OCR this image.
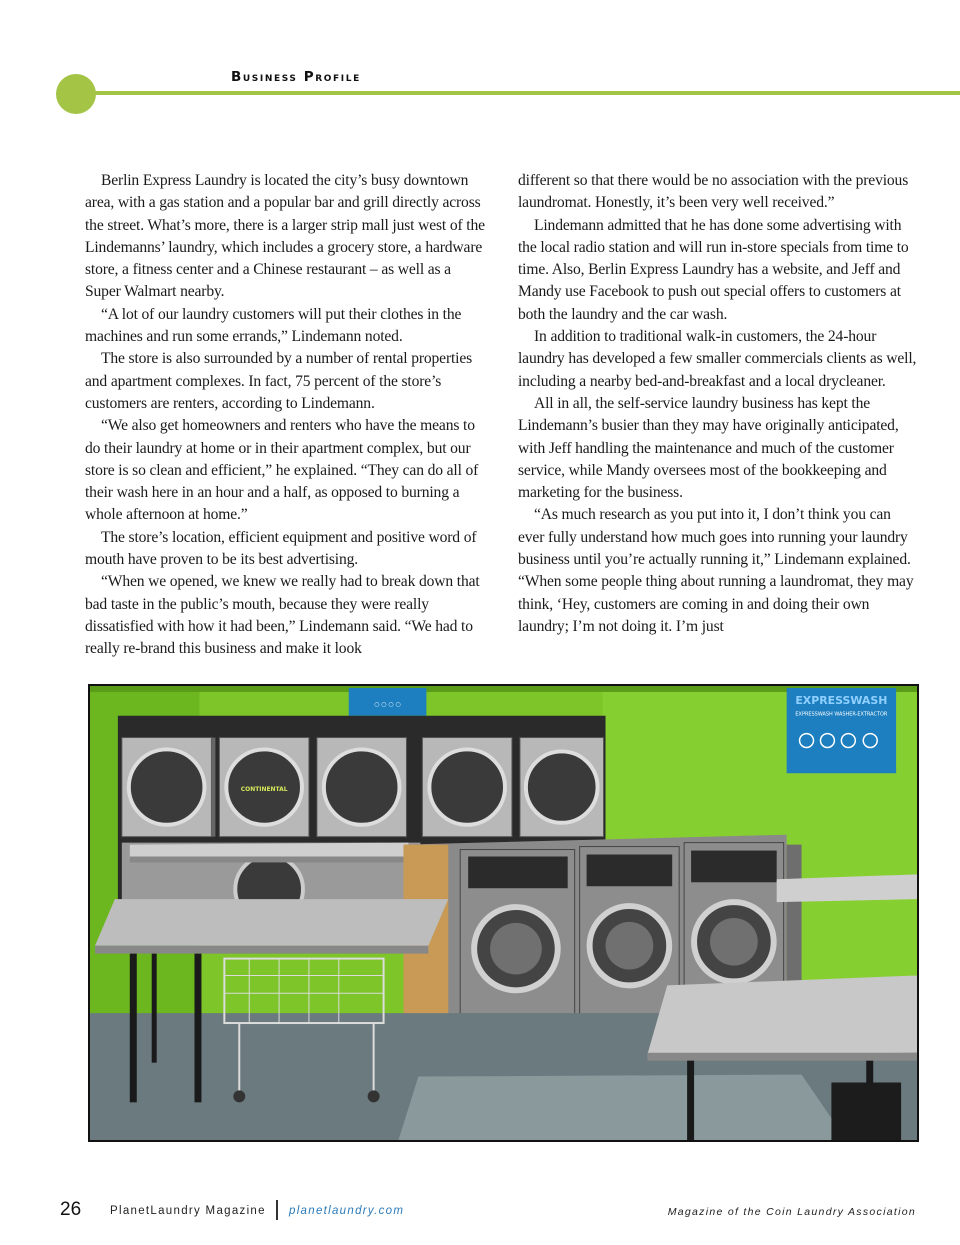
Business Profile

Berlin Express Laundry is located the city’s busy downtown area, with a gas station and a popular bar and grill directly across the street. What’s more, there is a larger strip mall just west of the Lindemanns’ laundry, which includes a grocery store, a hardware store, a fitness center and a Chinese restaurant – as well as a Super Walmart nearby.

“A lot of our laundry customers will put their clothes in the machines and run some errands,” Lindemann noted.

The store is also surrounded by a number of rental properties and apartment complexes. In fact, 75 percent of the store’s customers are renters, according to Lindemann.

“We also get homeowners and renters who have the means to do their laundry at home or in their apartment complex, but our store is so clean and efficient,” he explained. “They can do all of their wash here in an hour and a half, as opposed to burning a whole afternoon at home.”

The store’s location, efficient equipment and positive word of mouth have proven to be its best advertising.

“When we opened, we knew we really had to break down that bad taste in the public’s mouth, because they were really dissatisfied with how it had been,” Lindemann said. “We had to really re-brand this business and make it look

different so that there would be no association with the previous laundromat. Honestly, it’s been very well received.”

Lindemann admitted that he has done some advertising with the local radio station and will run in-store specials from time to time. Also, Berlin Express Laundry has a website, and Jeff and Mandy use Facebook to push out special offers to customers at both the laundry and the car wash.

In addition to traditional walk-in customers, the 24-hour laundry has developed a few smaller commercials clients as well, including a nearby bed-and-breakfast and a local drycleaner.

All in all, the self-service laundry business has kept the Lindemann’s busier than they may have originally anticipated, with Jeff handling the maintenance and much of the customer service, while Mandy oversees most of the bookkeeping and marketing for the business.

“As much research as you put into it, I don’t think you can ever fully understand how much goes into running your laundry business until you’re actually running it,” Lindemann explained. “When some people thing about running a laundromat, they may think, ‘Hey, customers are coming in and doing their own laundry; I’m not doing it. I’m just

○ ○ ○ ○	EXPRESSWASH
EXPRESSWASH WASHER-EXTRACTOR
CONTINENTAL
26	PlanetLaundry Magazine planetlaundry.com	Magazine of the Coin Laundry Association
